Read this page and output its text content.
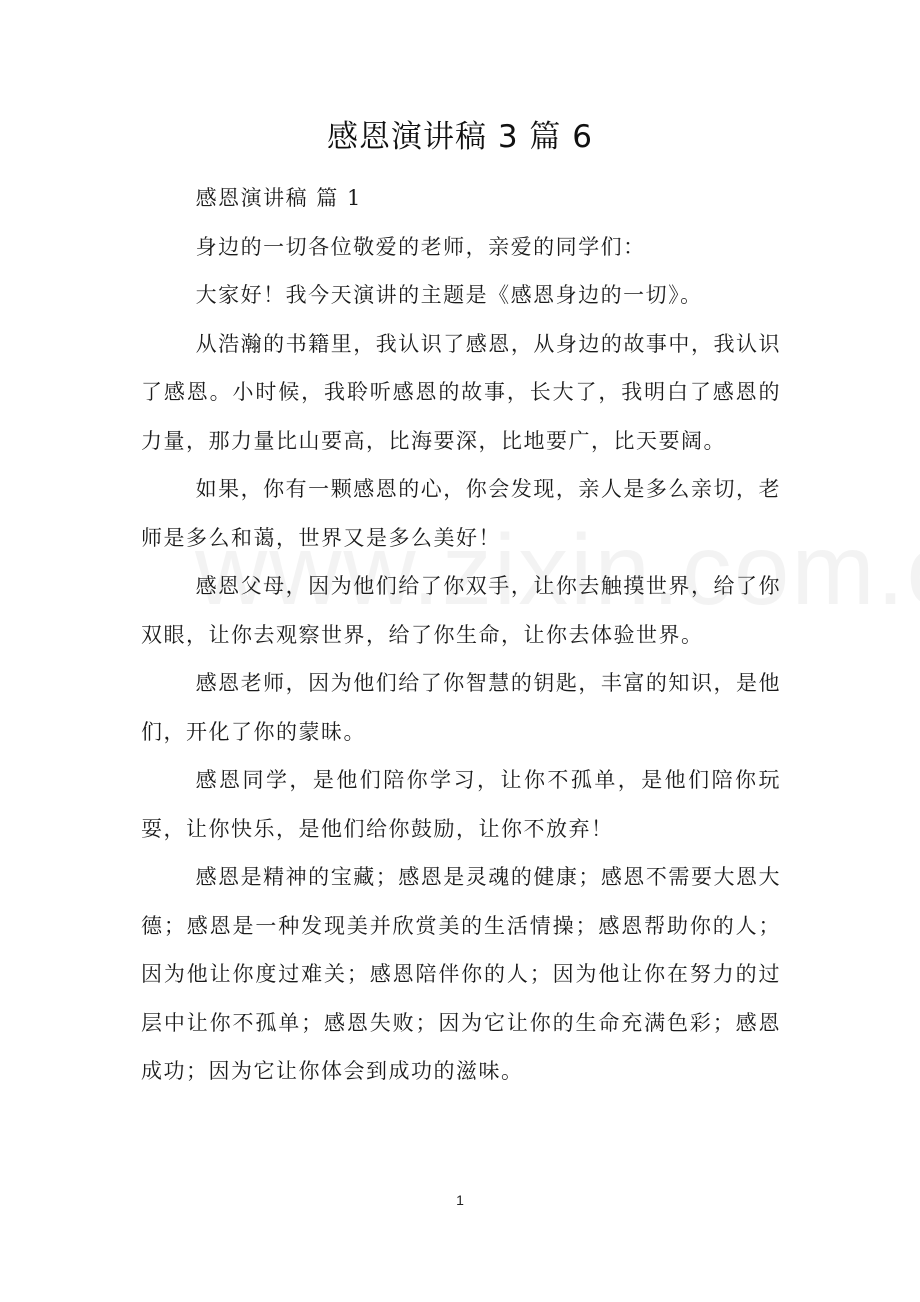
感恩演讲稿 3 篇 6

感恩演讲稿 篇 1

身边的一切各位敬爱的老师，亲爱的同学们：

大家好！我今天演讲的主题是《感恩身边的一切》。

从浩瀚的书籍里，我认识了感恩，从身边的故事中，我认识了感恩。小时候，我聆听感恩的故事，长大了，我明白了感恩的力量，那力量比山要高，比海要深，比地要广，比天要阔。

如果，你有一颗感恩的心，你会发现，亲人是多么亲切，老师是多么和蔼，世界又是多么美好！

感恩父母，因为他们给了你双手，让你去触摸世界，给了你双眼，让你去观察世界，给了你生命，让你去体验世界。

感恩老师，因为他们给了你智慧的钥匙，丰富的知识，是他们，开化了你的蒙昧。

感恩同学，是他们陪你学习，让你不孤单，是他们陪你玩耍，让你快乐，是他们给你鼓励，让你不放弃！

感恩是精神的宝藏；感恩是灵魂的健康；感恩不需要大恩大德；感恩是一种发现美并欣赏美的生活情操；感恩帮助你的人；因为他让你度过难关；感恩陪伴你的人；因为他让你在努力的过层中让你不孤单；感恩失败；因为它让你的生命充满色彩；感恩成功；因为它让你体会到成功的滋味。

1
